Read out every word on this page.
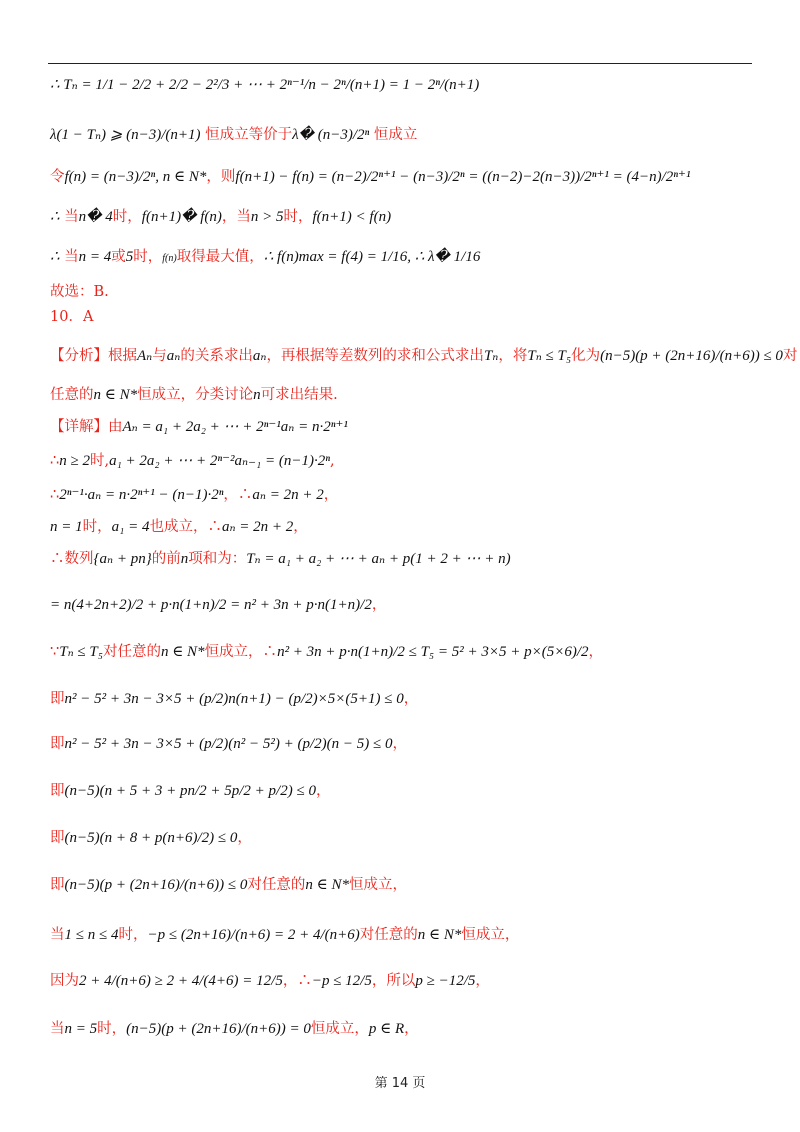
∴ Tₙ = 1/1 − 2/2 + 2/2 − 2²/3 + ⋯ + 2ⁿ⁻¹/n − 2ⁿ/(n+1) = 1 − 2ⁿ/(n+1)
λ(1 − Tₙ) ⩾ (n−3)/(n+1) 恒成立等价于λ� (n−3)/2ⁿ 恒成立
令f(n) = (n−3)/2ⁿ, n ∈ N*，则f(n+1) − f(n) = (n−2)/2ⁿ⁺¹ − (n−3)/2ⁿ = ((n−2)−2(n−3))/2ⁿ⁺¹ = (4−n)/2ⁿ⁺¹
∴ 当n� 4时，f(n+1)� f(n)，当n > 5时，f(n+1) < f(n)
∴ 当n = 4或5时，f(n)取得最大值，∴ f(n)max = f(4) = 1/16, ∴ λ� 1/16
故选：B.
10．A
【分析】根据Aₙ与aₙ的关系求出aₙ，再根据等差数列的求和公式求出Tₙ，将Tₙ ≤ T₅化为(n−5)(p + (2n+16)/(n+6)) ≤ 0对
任意的n ∈ N*恒成立，分类讨论n可求出结果.
【详解】由Aₙ = a₁ + 2a₂ + ⋯ + 2ⁿ⁻¹aₙ = n·2ⁿ⁺¹
∴n ≥ 2时,a₁ + 2a₂ + ⋯ + 2ⁿ⁻²aₙ₋₁ = (n−1)·2ⁿ,
∴2ⁿ⁻¹·aₙ = n·2ⁿ⁺¹ − (n−1)·2ⁿ，∴aₙ = 2n + 2，
n = 1时，a₁ = 4也成立，∴aₙ = 2n + 2，
∴数列{aₙ + pn}的前n项和为：Tₙ = a₁ + a₂ + ⋯ + aₙ + p(1 + 2 + ⋯ + n)
= n(4+2n+2)/2 + p·n(1+n)/2 = n² + 3n + p·n(1+n)/2，
∵Tₙ ≤ T₅对任意的n ∈ N*恒成立，∴n² + 3n + p·n(1+n)/2 ≤ T₅ = 5² + 3×5 + p×(5×6)/2，
即n² − 5² + 3n − 3×5 + (p/2)n(n+1) − (p/2)×5×(5+1) ≤ 0，
即n² − 5² + 3n − 3×5 + (p/2)(n² − 5²) + (p/2)(n − 5) ≤ 0，
即(n−5)(n + 5 + 3 + pn/2 + 5p/2 + p/2) ≤ 0，
即(n−5)(n + 8 + p(n+6)/2) ≤ 0，
即(n−5)(p + (2n+16)/(n+6)) ≤ 0对任意的n ∈ N*恒成立，
当1 ≤ n ≤ 4时，−p ≤ (2n+16)/(n+6) = 2 + 4/(n+6)对任意的n ∈ N*恒成立，
因为2 + 4/(n+6) ≥ 2 + 4/(4+6) = 12/5，∴−p ≤ 12/5，所以p ≥ −12/5，
当n = 5时，(n−5)(p + (2n+16)/(n+6)) = 0恒成立，p ∈ R，
第 14 页
